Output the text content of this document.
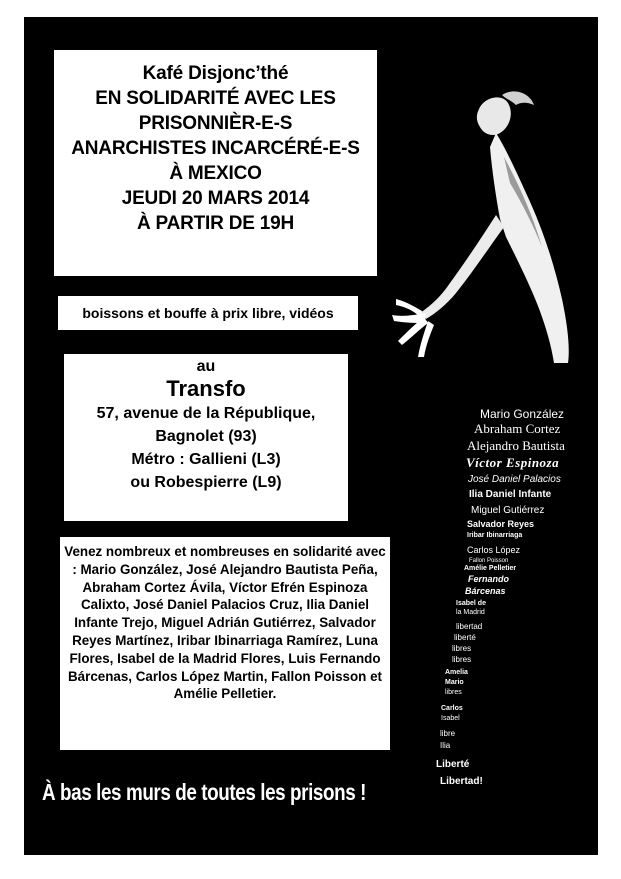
Kafé Disjonc’thé
EN SOLIDARITÉ AVEC LES
PRISONNIÈR-E-S
ANARCHISTES INCARCÉRÉ-E-S
À MEXICO
JEUDI 20 MARS 2014
À PARTIR DE 19H
boissons et bouffe à prix libre, vidéos
au
Transfo
57, avenue de la République,
Bagnolet (93)
Métro : Gallieni (L3)
ou Robespierre (L9)
Venez nombreux et nombreuses en solidarité avec : Mario González, José Alejandro Bautista Peña, Abraham Cortez Ávila, Víctor Efrén Espinoza Calixto, José Daniel Palacios Cruz, Ilia Daniel Infante Trejo, Miguel Adrián Gutiérrez, Salvador Reyes Martínez, Iribar Ibinarriaga Ramírez, Luna Flores, Isabel de la Madrid Flores, Luis Fernando Bárcenas, Carlos López Martin, Fallon Poisson et Amélie Pelletier.
À bas les murs de toutes les prisons !
Mario González
Abraham Cortez
Alejandro Bautista
Víctor Espinoza
José Daniel Palacios
Ilia Daniel Infante
Miguel Gutiérrez
Salvador Reyes
Iribar Ibinarriaga
Carlos López
Fallon Poisson
Amélie Pelletier
Fernando
Bárcenas
Isabel de
la Madrid
libertad
liberté
libres
libres
Amelia
Mario
libres
Carlos
Isabel
libre
Ilia
Liberté
Libertad!
